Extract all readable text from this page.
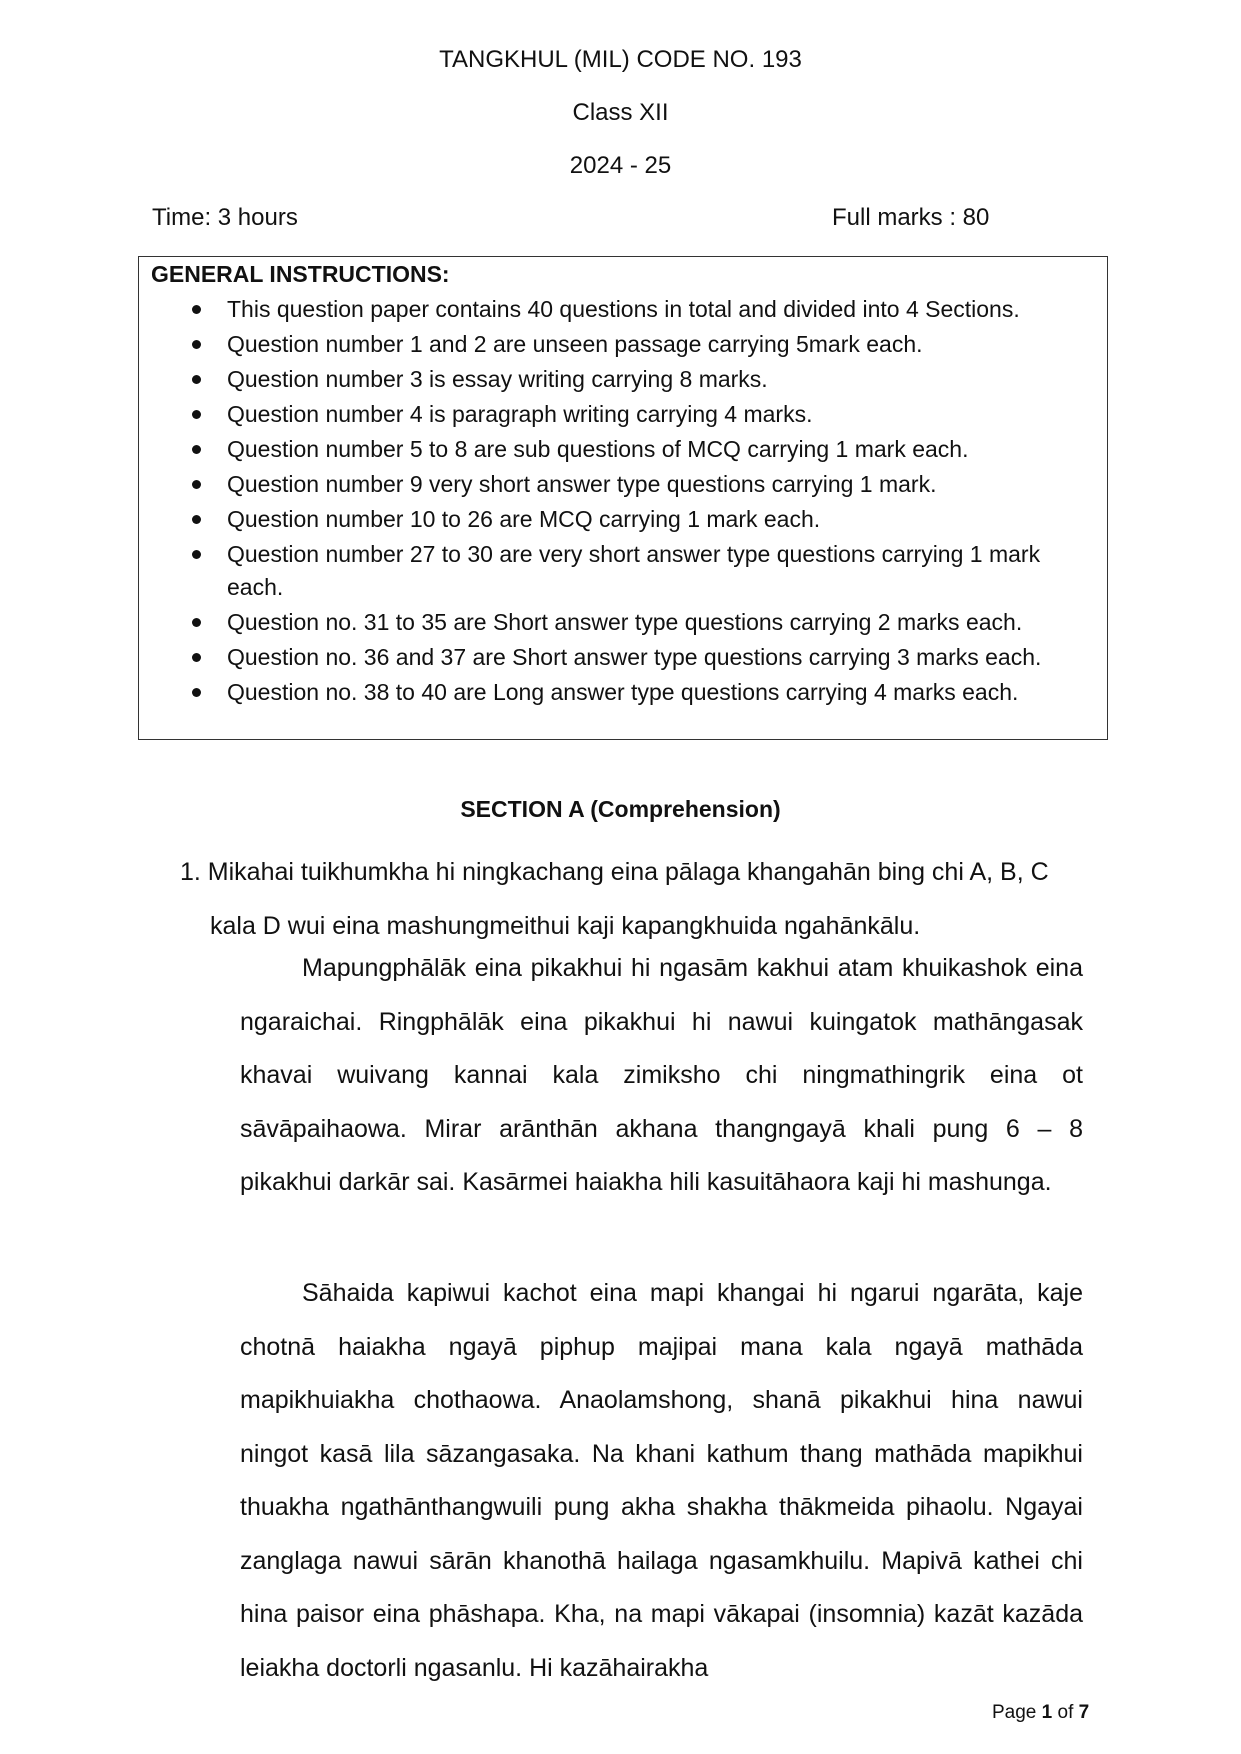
TANGKHUL (MIL) CODE NO. 193
Class XII
2024 - 25
Time: 3 hours	Full marks : 80
GENERAL INSTRUCTIONS:
This question paper contains 40 questions in total and divided into 4 Sections.
Question number 1 and 2 are unseen passage carrying 5mark each.
Question number 3 is essay writing carrying 8 marks.
Question number 4 is paragraph writing carrying 4 marks.
Question number 5 to 8 are sub questions of MCQ carrying 1 mark each.
Question number 9 very short answer type questions carrying 1 mark.
Question number 10 to 26 are MCQ carrying 1 mark each.
Question number 27 to 30 are very short answer type questions carrying 1 mark each.
Question no. 31 to 35 are Short answer type questions carrying 2 marks each.
Question no. 36 and 37 are Short answer type questions carrying 3 marks each.
Question no. 38 to 40 are Long answer type questions carrying 4 marks each.
SECTION A (Comprehension)
1. Mikahai tuikhumkha hi ningkachang eina pālaga khangahān bing chi A, B, C kala D wui eina mashungmeithui kaji kapangkhuida ngahānkālu.

Mapungphālāk eina pikakhui hi ngasām kakhui atam khuikashok eina ngaraichai. Ringphālāk eina pikakhui hi nawui kuingatok mathāngasak khavai wuivang kannai kala zimiksho chi ningmathingrik eina ot sāvāpaihaowa. Mirar arānthān akhana thangngayā khali pung 6 – 8 pikakhui darkār sai. Kasārmei haiakha hili kasuitāhaora kaji hi mashunga.

Sāhaida kapiwui kachot eina mapi khangai hi ngarui ngarāta, kaje chotnā haiakha ngayā piphup majipai mana kala ngayā mathāda mapikhuiakha chothaowa. Anaolamshong, shanā pikakhui hina nawui ningot kasā lila sāzangasaka. Na khani kathum thang mathāda mapikhui thuakha ngathānthangwuili pung akha shakha thākmeida pihaolu. Ngayai zanglaga nawui sārān khanothā hailaga ngasamkhuilu. Mapivā kathei chi hina paisor eina phāshapa. Kha, na mapi vākapai (insomnia) kazāt kazāda leiakha doctorli ngasanlu. Hi kazāhairakha

Page 1 of 7
